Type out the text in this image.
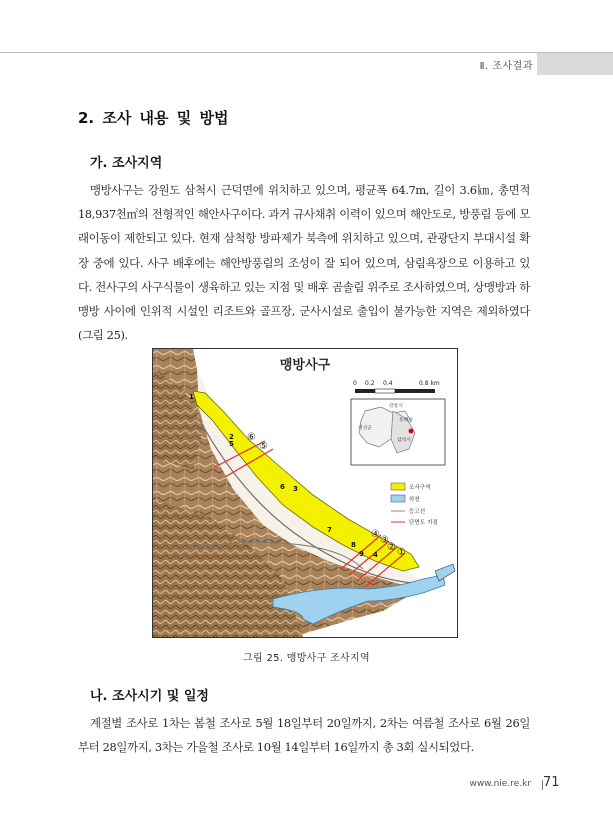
Ⅱ. 조사결과
2. 조사 내용 및 방법
가. 조사지역

맹방사구는 강원도 삼척시 근덕면에 위치하고 있으며, 평균폭 64.7m, 길이 3.6㎞, 총면적 18,937천㎡의 전형적인 해안사구이다. 과거 규사채취 이력이 있으며 해안도로, 방풍림 등에 모래이동이 제한되고 있다. 현재 삼척항 방파제가 북측에 위치하고 있으며, 관광단지 부대시설 확장 중에 있다. 사구 배후에는 해안방풍림의 조성이 잘 되어 있으며, 삼림욕장으로 이용하고 있다. 전사구의 사구식물이 생육하고 있는 지점 및 배후 곰솔림 위주로 조사하였으며, 상맹방과 하맹방 사이에 인위적 시설인 리조트와 골프장, 군사시설로 출입이 불가능한 지역은 제외하였다(그림 25).

맹방사구
0 0.2 0.4	0.8 km
강릉시
동해시
정선군
삼척시
조사구역
하천
등고선
단면도 지점
1
2
3
4
5
6
7
8
9	①
②
③
④
⑤
⑥
그림 25. 맹방사구 조사지역
나. 조사시기 및 일정

계절별 조사로 1차는 봄철 조사로 5월 18일부터 20일까지, 2차는 여름철 조사로 6월 26일부터 28일까지, 3차는 가을철 조사로 10월 14일부터 16일까지 총 3회 실시되었다.

www.nie.re.kr 71
